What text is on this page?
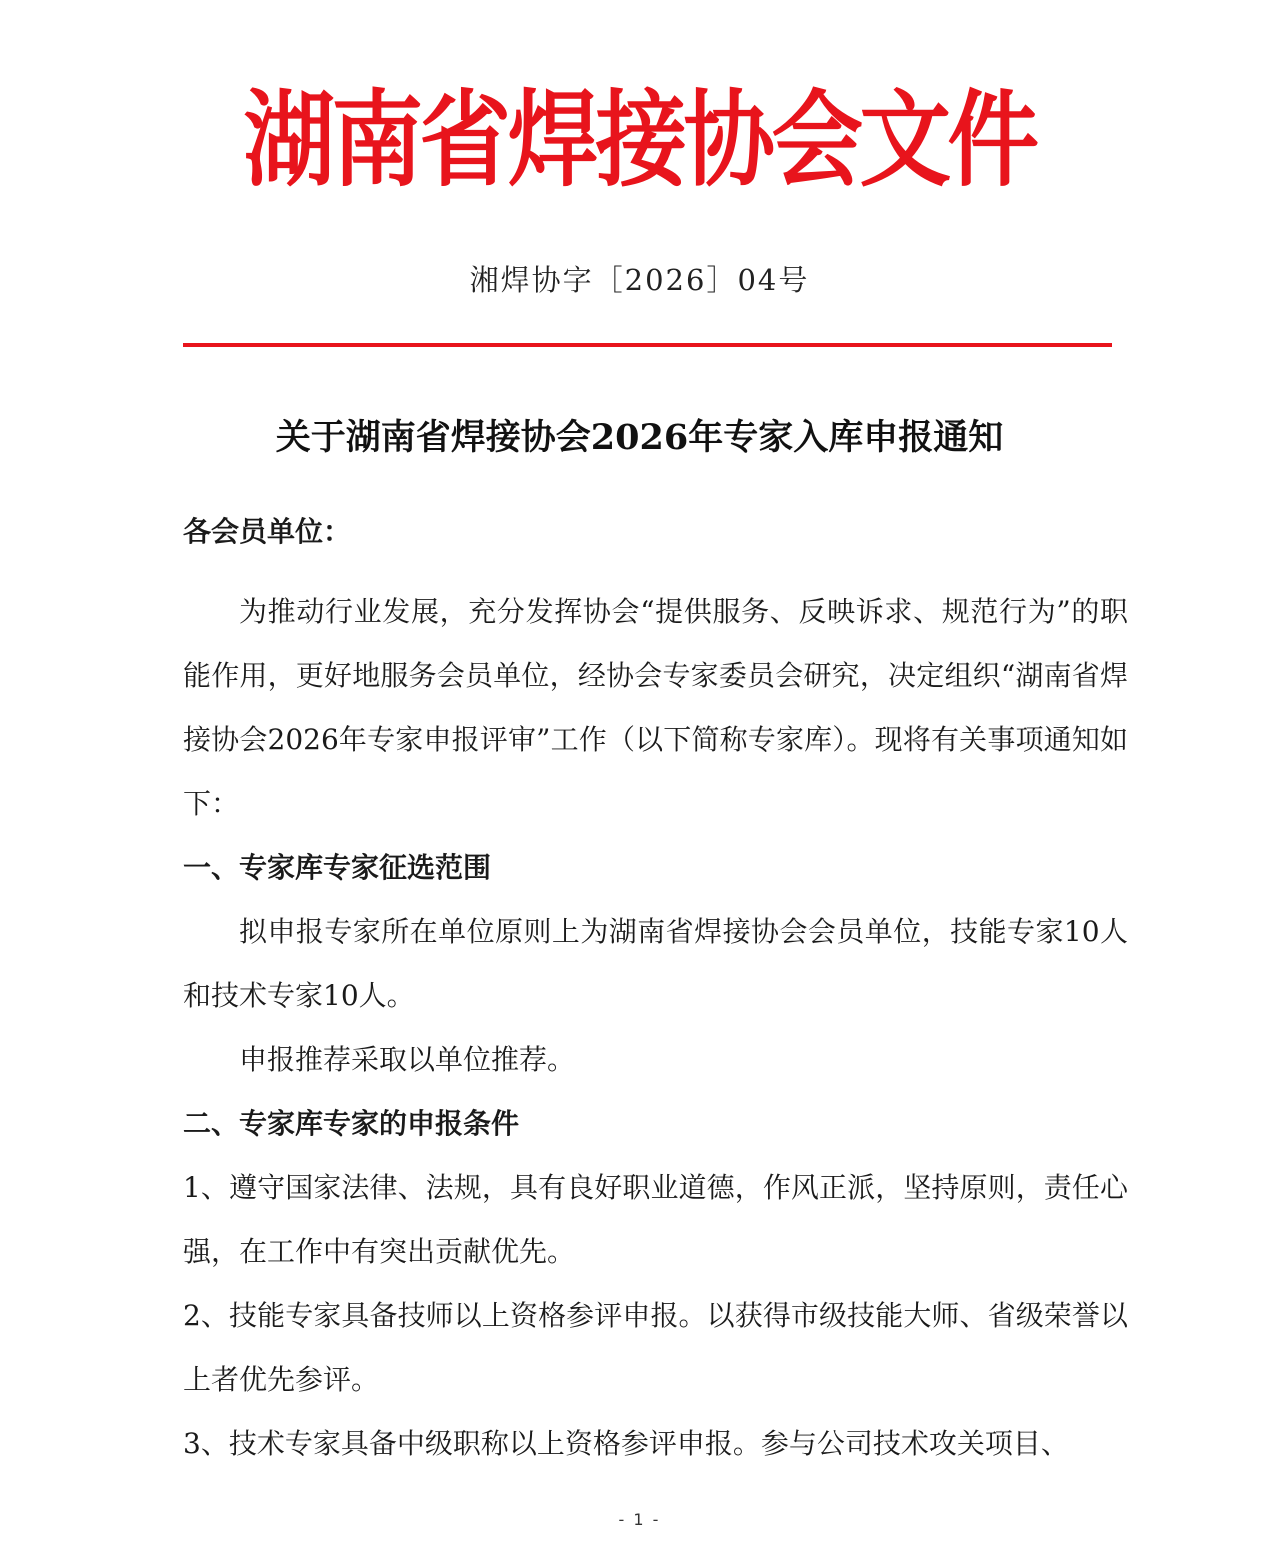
湖南省焊接协会文件
湘焊协字［2026］04号
关于湖南省焊接协会2026年专家入库申报通知

各会员单位：

为推动行业发展，充分发挥协会“提供服务、反映诉求、规范行为”的职能作用，更好地服务会员单位，经协会专家委员会研究，决定组织“湖南省焊接协会2026年专家申报评审”工作（以下简称专家库）。现将有关事项通知如下：

一、专家库专家征选范围

拟申报专家所在单位原则上为湖南省焊接协会会员单位，技能专家10人和技术专家10人。

申报推荐采取以单位推荐。

二、专家库专家的申报条件

1、遵守国家法律、法规，具有良好职业道德，作风正派，坚持原则，责任心强，在工作中有突出贡献优先。

2、技能专家具备技师以上资格参评申报。以获得市级技能大师、省级荣誉以上者优先参评。

3、技术专家具备中级职称以上资格参评申报。参与公司技术攻关项目、

- 1 -
